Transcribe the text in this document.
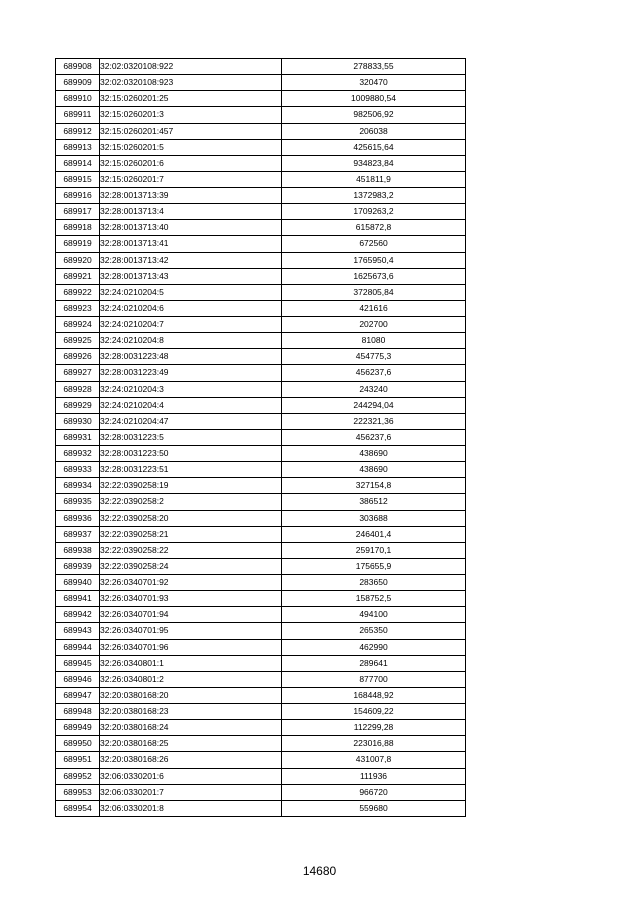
689908	32:02:0320108:922	278833,55
689909	32:02:0320108:923	320470
689910	32:15:0260201:25	1009880,54
689911	32:15:0260201:3	982506,92
689912	32:15:0260201:457	206038
689913	32:15:0260201:5	425615,64
689914	32:15:0260201:6	934823,84
689915	32:15:0260201:7	451811,9
689916	32:28:0013713:39	1372983,2
689917	32:28:0013713:4	1709263,2
689918	32:28:0013713:40	615872,8
689919	32:28:0013713:41	672560
689920	32:28:0013713:42	1765950,4
689921	32:28:0013713:43	1625673,6
689922	32:24:0210204:5	372805,84
689923	32:24:0210204:6	421616
689924	32:24:0210204:7	202700
689925	32:24:0210204:8	81080
689926	32:28:0031223:48	454775,3
689927	32:28:0031223:49	456237,6
689928	32:24:0210204:3	243240
689929	32:24:0210204:4	244294,04
689930	32:24:0210204:47	222321,36
689931	32:28:0031223:5	456237,6
689932	32:28:0031223:50	438690
689933	32:28:0031223:51	438690
689934	32:22:0390258:19	327154,8
689935	32:22:0390258:2	386512
689936	32:22:0390258:20	303688
689937	32:22:0390258:21	246401,4
689938	32:22:0390258:22	259170,1
689939	32:22:0390258:24	175655,9
689940	32:26:0340701:92	283650
689941	32:26:0340701:93	158752,5
689942	32:26:0340701:94	494100
689943	32:26:0340701:95	265350
689944	32:26:0340701:96	462990
689945	32:26:0340801:1	289641
689946	32:26:0340801:2	877700
689947	32:20:0380168:20	168448,92
689948	32:20:0380168:23	154609,22
689949	32:20:0380168:24	112299,28
689950	32:20:0380168:25	223016,88
689951	32:20:0380168:26	431007,8
689952	32:06:0330201:6	111936
689953	32:06:0330201:7	966720
689954	32:06:0330201:8	559680
14680
